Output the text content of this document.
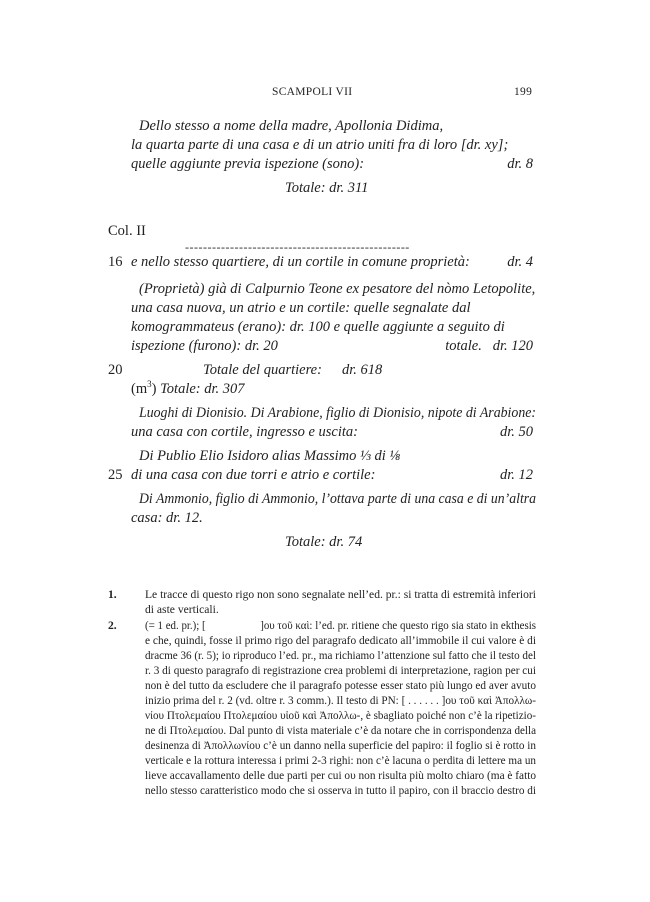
SCAMPOLI VII	199
Dello stesso a nome della madre, Apollonia Didima,
la quarta parte di una casa e di un atrio uniti fra di loro [dr. xy];
quelle aggiunte previa ispezione (sono):	dr. 8
Totale: dr. 311
Col. II
--------------------------------------------------
16 e nello stesso quartiere, di un cortile in comune proprietà:	dr. 4
(Proprietà) già di Calpurnio Teone ex pesatore del nòmo Letopolite,
una casa nuova, un atrio e un cortile: quelle segnalate dal
komogrammateus (erano): dr. 100 e quelle aggiunte a seguito di
ispezione (furono): dr. 20	totale.   dr. 120
20	Totale del quartiere: dr. 618
$(m^3)$ Totale: dr. 307
Luoghi di Dionisio. Di Arabione, figlio di Dionisio, nipote di Arabione:
una casa con cortile, ingresso e uscita:	dr. 50
Di Publio Elio Isidoro alias Massimo ⅓ di ⅛
25 di una casa con due torri e atrio e cortile:	dr. 12
Di Ammonio, figlio di Ammonio, l’ottava parte di una casa e di un’altra
casa: dr. 12.
Totale: dr. 74
1. Le tracce di questo rigo non sono segnalate nell’ed. pr.: si tratta di estremità inferiori
di aste verticali.
2. (= 1 ed. pr.); [                    ]ου τοῦ καὶ: l’ed. pr. ritiene che questo rigo sia stato in ekthesis
e che, quindi, fosse il primo rigo del paragrafo dedicato all’immobile il cui valore è di
dracme 36 (r. 5); io riproduco l’ed. pr., ma richiamo l’attenzione sul fatto che il testo del
r. 3 di questo paragrafo di registrazione crea problemi di interpretazione, ragion per cui
non è del tutto da escludere che il paragrafo potesse esser stato più lungo ed aver avuto
inizio prima del r. 2 (vd. oltre r. 3 comm.). Il testo di PN: [ . . . . . . ]ου τοῦ καὶ Ἀπολλω-
νίου Πτολεμαίου Πτολεμαίου υἱοῦ καὶ Ἀπολλω-, è sbagliato poiché non c’è la ripetizio-
ne di Πτολεμαίου. Dal punto di vista materiale c’è da notare che in corrispondenza della
desinenza di Ἀπολλωνίου c’è un danno nella superficie del papiro: il foglio si è rotto in
verticale e la rottura interessa i primi 2-3 righi: non c’è lacuna o perdita di lettere ma un
lieve accavallamento delle due parti per cui ου non risulta più molto chiaro (ma è fatto
nello stesso caratteristico modo che si osserva in tutto il papiro, con il braccio destro di
